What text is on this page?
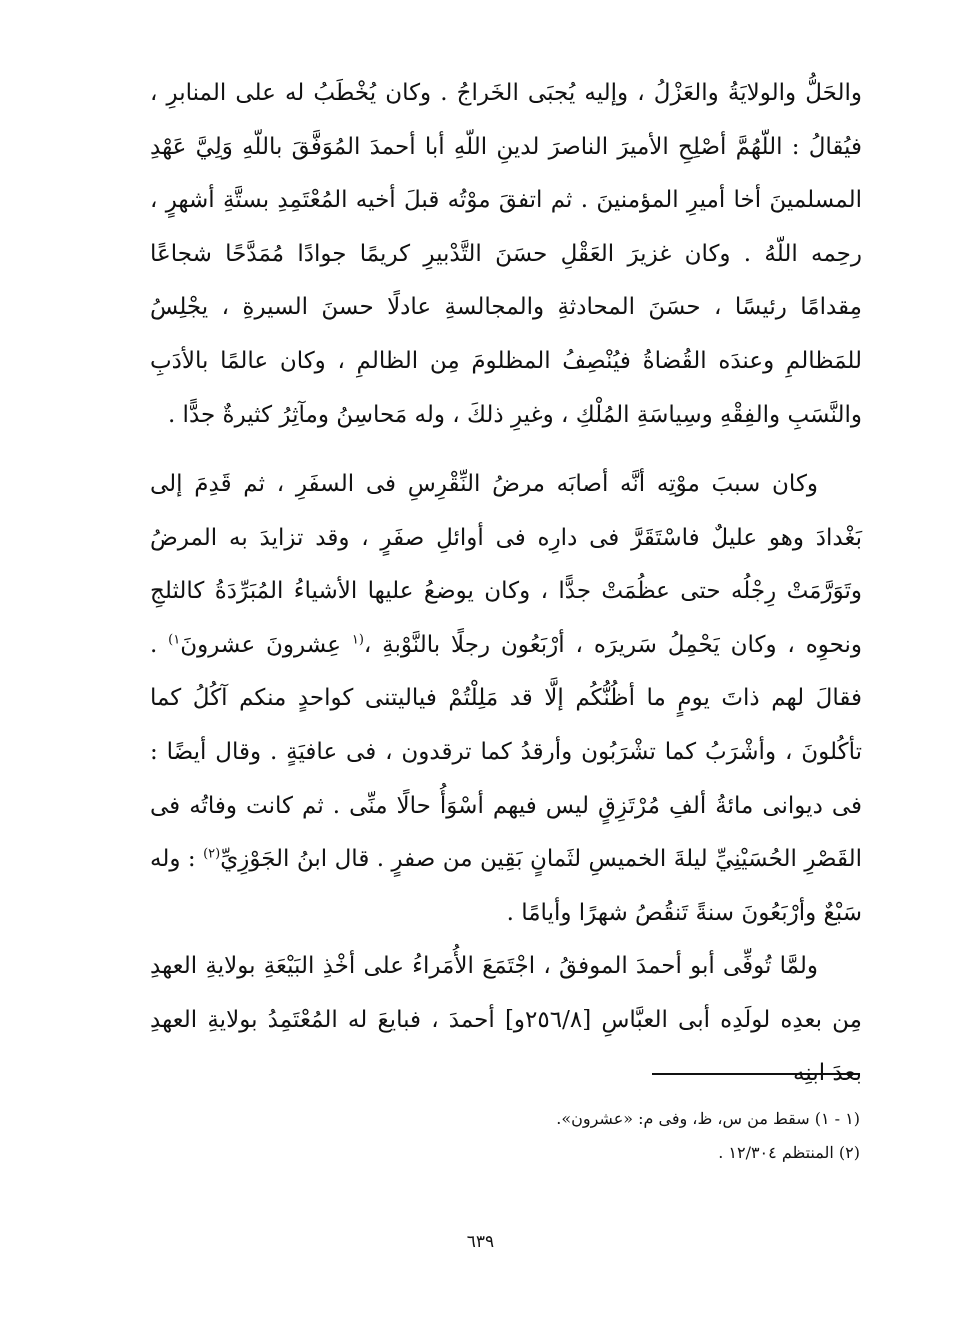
والحَلُّ والولايَةُ والعَزْلُ ، وإليه يُجبَى الخَراجُ . وكان يُخْطَبُ له على المنابرِ ، فيُقالُ : اللّهُمَّ أصْلِحِ الأميرَ الناصرَ لدينِ اللّهِ أبا أحمدَ المُوَفَّقَ باللّهِ وَلِيَّ عَهْدِ المسلمينَ أخا أميرِ المؤمنينَ . ثم اتفقَ موْتُه قبلَ أخيه المُعْتَمِدِ بستَّةِ أشهرٍ ، رحِمه اللّهُ . وكان غزيرَ العَقْلِ حسَنَ التَّدْبيرِ كريمًا جوادًا مُمَدَّحًا شجاعًا مِقدامًا رئيسًا ، حسَنَ المحادثةِ والمجالسةِ عادلًا حسنَ السيرةِ ، يجْلِسُ للمَظالمِ وعندَه القُضاةُ فيُنْصِفُ المظلومَ مِن الظالمِ ، وكان عالمًا بالأدَبِ والنَّسَبِ والفِقْهِ وسِياسَةِ المُلْكِ ، وغيرِ ذلكَ ، وله مَحاسِنُ ومآثِرُ كثيرةٌ جدًّا .

وكان سببَ موْتِه أنَّه أصابَه مرضُ النِّقْرِسِ فى السفَرِ ، ثم قَدِمَ إلى بَغْدادَ وهو عليلٌ فاسْتَقَرَّ فى دارِه فى أوائلِ صفَرٍ ، وقد تزايدَ به المرضُ وتَوَرَّمَتْ رِجْلُه حتى عظُمَتْ جدًّا ، وكان يوضعُ عليها الأشياءُ المُبَرِّدَةُ كالثلجِ ونحوِه ، وكان يَحْمِلُ سَريرَه ، أرْبَعُون رجلًا بالنَّوْبةِ ،$^{(١}$ عِشرونَ عشرونَ$^{١)}$ . فقالَ لهم ذاتَ يومٍ ما أظُنُّكُم إلَّا قد مَلِلْتُمْ فياليتنى كواحدٍ منكم آكُلُ كما تأكُلونَ ، وأشْرَبُ كما تشْرَبُون وأرقدُ كما ترقدون ، فى عافيَةٍ . وقال أيضًا : فى ديوانى مائةُ ألفِ مُرْتَزِقٍ ليس فيهم أسْوَأُ حالًا منِّى . ثم كانت وفاتُه فى القَصْرِ الحُسَيْنِيِّ ليلةَ الخميسِ لثَمانٍ بَقِين من صفرٍ . قال ابنُ الجَوْزِيِّ$^{(٢)}$ : وله سَبْعٌ وأرْبَعُونَ سنةً تَنقُصُ شهرًا وأيامًا .

ولمَّا تُوفِّى أبو أحمدَ الموفقُ ، اجْتَمَعَ الأُمَراءُ على أخْذِ البَيْعَةِ بولايةِ العهدِ مِن بعدِه لولَدِه أبى العبَّاسِ [٢٥٦/٨و] أحمدَ ، فبايعَ له المُعْتَمِدُ بولايةِ العهدِ بعدَ ابنِه

(١ - ١) سقط من س، ظ، وفى م: «عشرون».

(٢) المنتظم ١٢/٣٠٤ .

٦٣٩
